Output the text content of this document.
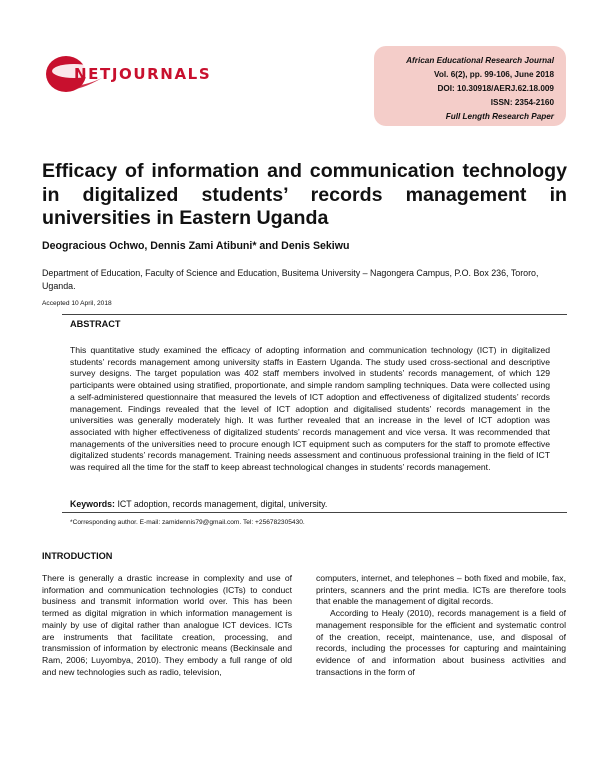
NETJOURNALS
African Educational Research Journal
Vol. 6(2), pp. 99-106, June 2018
DOI: 10.30918/AERJ.62.18.009
ISSN: 2354-2160
Full Length Research Paper
Efficacy of information and communication technology in digitalized students’ records management in universities in Eastern Uganda
Deogracious Ochwo, Dennis Zami Atibuni* and Denis Sekiwu
Department of Education, Faculty of Science and Education, Busitema University – Nagongera Campus, P.O. Box 236, Tororo, Uganda.
Accepted 10 April, 2018
ABSTRACT
This quantitative study examined the efficacy of adopting information and communication technology (ICT) in digitalized students’ records management among university staffs in Eastern Uganda. The study used cross-sectional and descriptive survey designs. The target population was 402 staff members involved in students’ records management, of which 129 participants were obtained using stratified, proportionate, and simple random sampling techniques. Data were collected using a self-administered questionnaire that measured the levels of ICT adoption and effectiveness of digitalized students’ records management. Findings revealed that the level of ICT adoption and digitalised students’ records management in the universities was generally moderately high. It was further revealed that an increase in the level of ICT adoption was associated with higher effectiveness of digitalized students’ records management and vice versa. It was recommended that managements of the universities need to procure enough ICT equipment such as computers for the staff to promote effective digitalized students’ records management. Training needs assessment and continuous professional training in the field of ICT was required all the time for the staff to keep abreast technological changes in students’ records management.
Keywords: ICT adoption, records management, digital, university.
*Corresponding author. E-mail: zamidennis79@gmail.com. Tel: +256782305430.
INTRODUCTION

There is generally a drastic increase in complexity and use of information and communication technologies (ICTs) to conduct business and transmit information world over. This has been termed as digital migration in which information management is mainly by use of digital rather than analogue ICT devices. ICTs are instruments that facilitate creation, processing, and transmission of information by electronic means (Beckinsale and Ram, 2006; Luyombya, 2010). They embody a full range of old and new technologies such as radio, television,

computers, internet, and telephones – both fixed and mobile, fax, printers, scanners and the print media. ICTs are therefore tools that enable the management of digital records.

According to Healy (2010), records management is a field of management responsible for the efficient and systematic control of the creation, receipt, maintenance, use, and disposal of records, including the processes for capturing and maintaining evidence of and information about business activities and transactions in the form of
